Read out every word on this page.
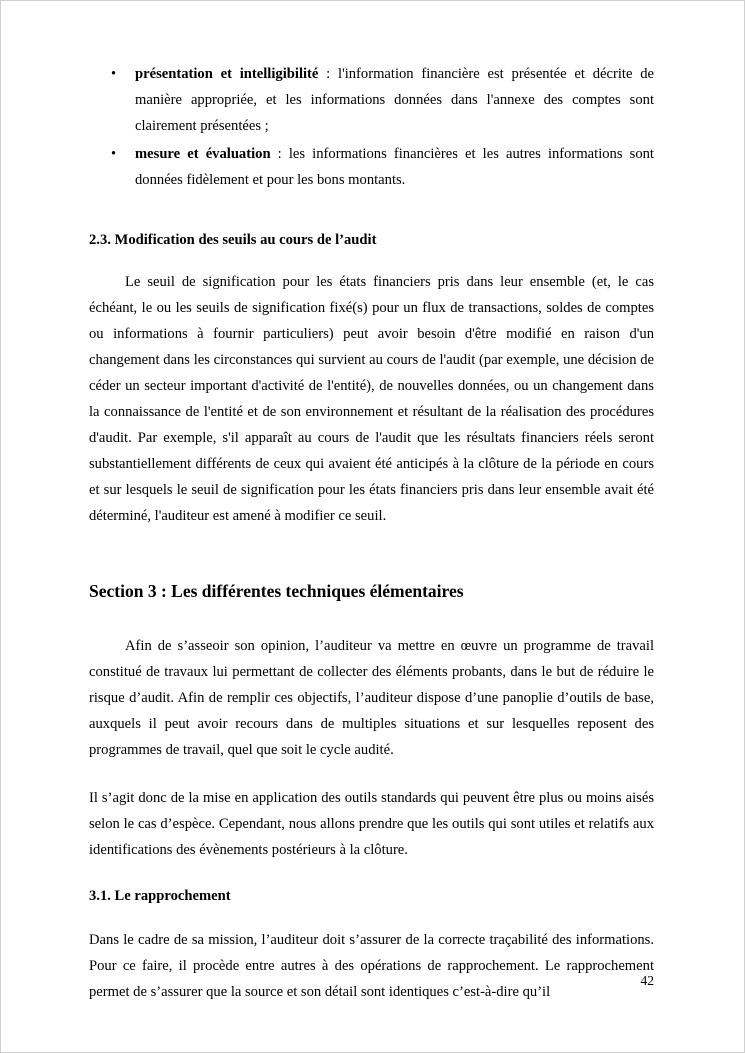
• présentation et intelligibilité : l'information financière est présentée et décrite de manière appropriée, et les informations données dans l'annexe des comptes sont clairement présentées ;
• mesure et évaluation : les informations financières et les autres informations sont données fidèlement et pour les bons montants.
2.3. Modification des seuils au cours de l’audit

Le seuil de signification pour les états financiers pris dans leur ensemble (et, le cas échéant, le ou les seuils de signification fixé(s) pour un flux de transactions, soldes de comptes ou informations à fournir particuliers) peut avoir besoin d'être modifié en raison d'un changement dans les circonstances qui survient au cours de l'audit (par exemple, une décision de céder un secteur important d'activité de l'entité), de nouvelles données, ou un changement dans la connaissance de l'entité et de son environnement et résultant de la réalisation des procédures d'audit. Par exemple, s'il apparaît au cours de l'audit que les résultats financiers réels seront substantiellement différents de ceux qui avaient été anticipés à la clôture de la période en cours et sur lesquels le seuil de signification pour les états financiers pris dans leur ensemble avait été déterminé, l'auditeur est amené à modifier ce seuil.

Section 3 : Les différentes techniques élémentaires

Afin de s’asseoir son opinion, l’auditeur va mettre en œuvre un programme de travail constitué de travaux lui permettant de collecter des éléments probants, dans le but de réduire le risque d’audit. Afin de remplir ces objectifs, l’auditeur dispose d’une panoplie d’outils de base, auxquels il peut avoir recours dans de multiples situations et sur lesquelles reposent des programmes de travail, quel que soit le cycle audité.

Il s’agit donc de la mise en application des outils standards qui peuvent être plus ou moins aisés selon le cas d’espèce. Cependant, nous allons prendre que les outils qui sont utiles et relatifs aux identifications des évènements postérieurs à la clôture.

3.1. Le rapprochement

Dans le cadre de sa mission, l’auditeur doit s’assurer de la correcte traçabilité des informations. Pour ce faire, il procède entre autres à des opérations de rapprochement. Le rapprochement permet de s’assurer que la source et son détail sont identiques c’est-à-dire qu’il

42
